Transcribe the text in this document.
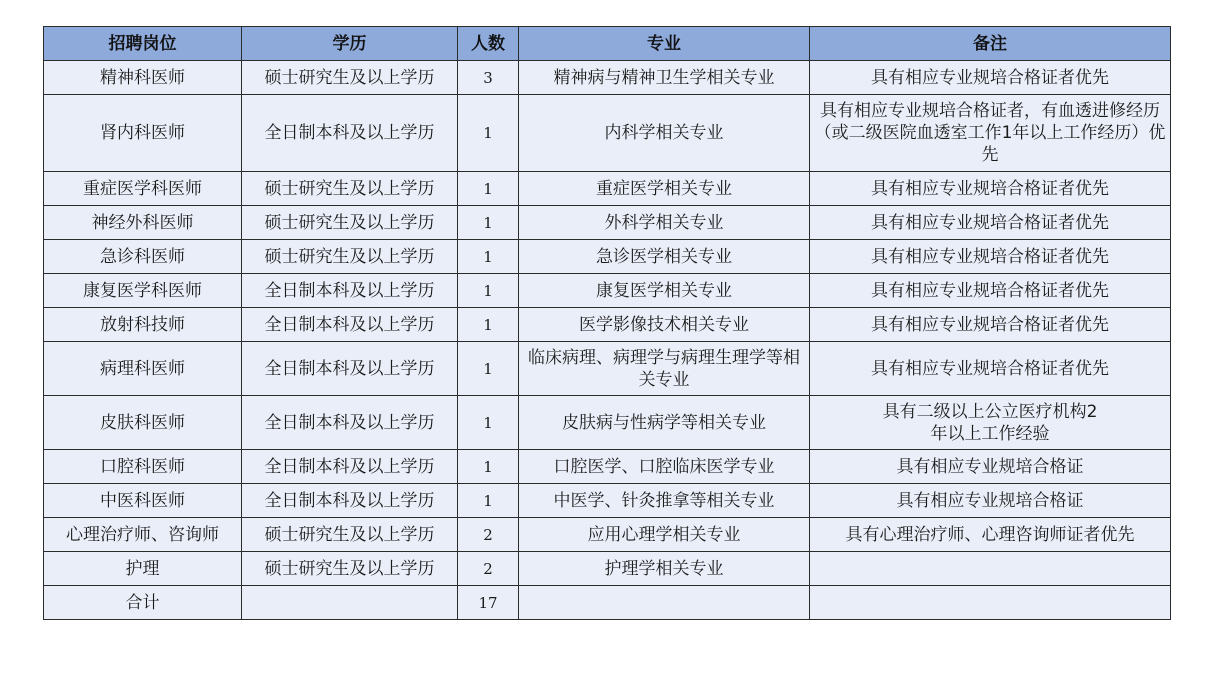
招聘岗位	学历	人数	专业	备注
精神科医师	硕士研究生及以上学历	3	精神病与精神卫生学相关专业	具有相应专业规培合格证者优先
肾内科医师	全日制本科及以上学历	1	内科学相关专业	具有相应专业规培合格证者，有血透进修经历（或二级医院血透室工作1年以上工作经历）优先
重症医学科医师	硕士研究生及以上学历	1	重症医学相关专业	具有相应专业规培合格证者优先
神经外科医师	硕士研究生及以上学历	1	外科学相关专业	具有相应专业规培合格证者优先
急诊科医师	硕士研究生及以上学历	1	急诊医学相关专业	具有相应专业规培合格证者优先
康复医学科医师	全日制本科及以上学历	1	康复医学相关专业	具有相应专业规培合格证者优先
放射科技师	全日制本科及以上学历	1	医学影像技术相关专业	具有相应专业规培合格证者优先
病理科医师	全日制本科及以上学历	1	临床病理、病理学与病理生理学等相关专业	具有相应专业规培合格证者优先
皮肤科医师	全日制本科及以上学历	1	皮肤病与性病学等相关专业	具有二级以上公立医疗机构2年以上工作经验
口腔科医师	全日制本科及以上学历	1	口腔医学、口腔临床医学专业	具有相应专业规培合格证
中医科医师	全日制本科及以上学历	1	中医学、针灸推拿等相关专业	具有相应专业规培合格证
心理治疗师、咨询师	硕士研究生及以上学历	2	应用心理学相关专业	具有心理治疗师、心理咨询师证者优先
护理	硕士研究生及以上学历	2	护理学相关专业	
合计		17		
